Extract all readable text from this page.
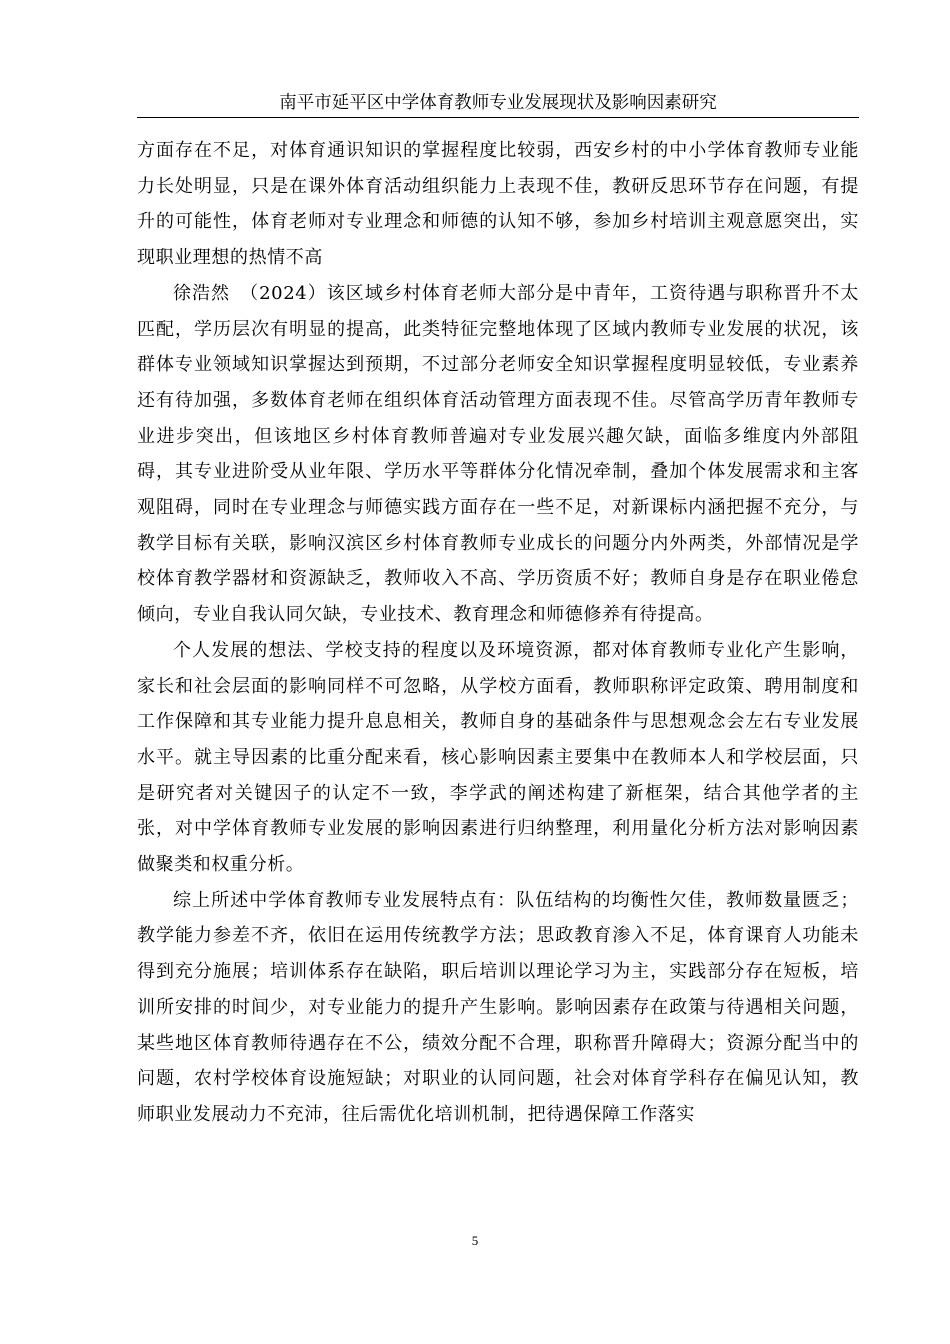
南平市延平区中学体育教师专业发展现状及影响因素研究

方面存在不足，对体育通识知识的掌握程度比较弱，西安乡村的中小学体育教师专业能力长处明显，只是在课外体育活动组织能力上表现不佳，教研反思环节存在问题，有提升的可能性，体育老师对专业理念和师德的认知不够，参加乡村培训主观意愿突出，实现职业理想的热情不高

徐浩然　（2024）该区域乡村体育老师大部分是中青年，工资待遇与职称晋升不太匹配，学历层次有明显的提高，此类特征完整地体现了区域内教师专业发展的状况，该群体专业领域知识掌握达到预期，不过部分老师安全知识掌握程度明显较低，专业素养还有待加强，多数体育老师在组织体育活动管理方面表现不佳。尽管高学历青年教师专业进步突出，但该地区乡村体育教师普遍对专业发展兴趣欠缺，面临多维度内外部阻碍，其专业进阶受从业年限、学历水平等群体分化情况牵制，叠加个体发展需求和主客观阻碍，同时在专业理念与师德实践方面存在一些不足，对新课标内涵把握不充分，与教学目标有关联，影响汉滨区乡村体育教师专业成长的问题分内外两类，外部情况是学校体育教学器材和资源缺乏，教师收入不高、学历资质不好；教师自身是存在职业倦怠倾向，专业自我认同欠缺，专业技术、教育理念和师德修养有待提高。

个人发展的想法、学校支持的程度以及环境资源，都对体育教师专业化产生影响，家长和社会层面的影响同样不可忽略，从学校方面看，教师职称评定政策、聘用制度和工作保障和其专业能力提升息息相关，教师自身的基础条件与思想观念会左右专业发展水平。就主导因素的比重分配来看，核心影响因素主要集中在教师本人和学校层面，只是研究者对关键因子的认定不一致，李学武的阐述构建了新框架，结合其他学者的主张，对中学体育教师专业发展的影响因素进行归纳整理，利用量化分析方法对影响因素做聚类和权重分析。

综上所述中学体育教师专业发展特点有：队伍结构的均衡性欠佳，教师数量匮乏；教学能力参差不齐，依旧在运用传统教学方法；思政教育渗入不足，体育课育人功能未得到充分施展；培训体系存在缺陷，职后培训以理论学习为主，实践部分存在短板，培训所安排的时间少，对专业能力的提升产生影响。影响因素存在政策与待遇相关问题，某些地区体育教师待遇存在不公，绩效分配不合理，职称晋升障碍大；资源分配当中的问题，农村学校体育设施短缺；对职业的认同问题，社会对体育学科存在偏见认知，教师职业发展动力不充沛，往后需优化培训机制，把待遇保障工作落实

5
